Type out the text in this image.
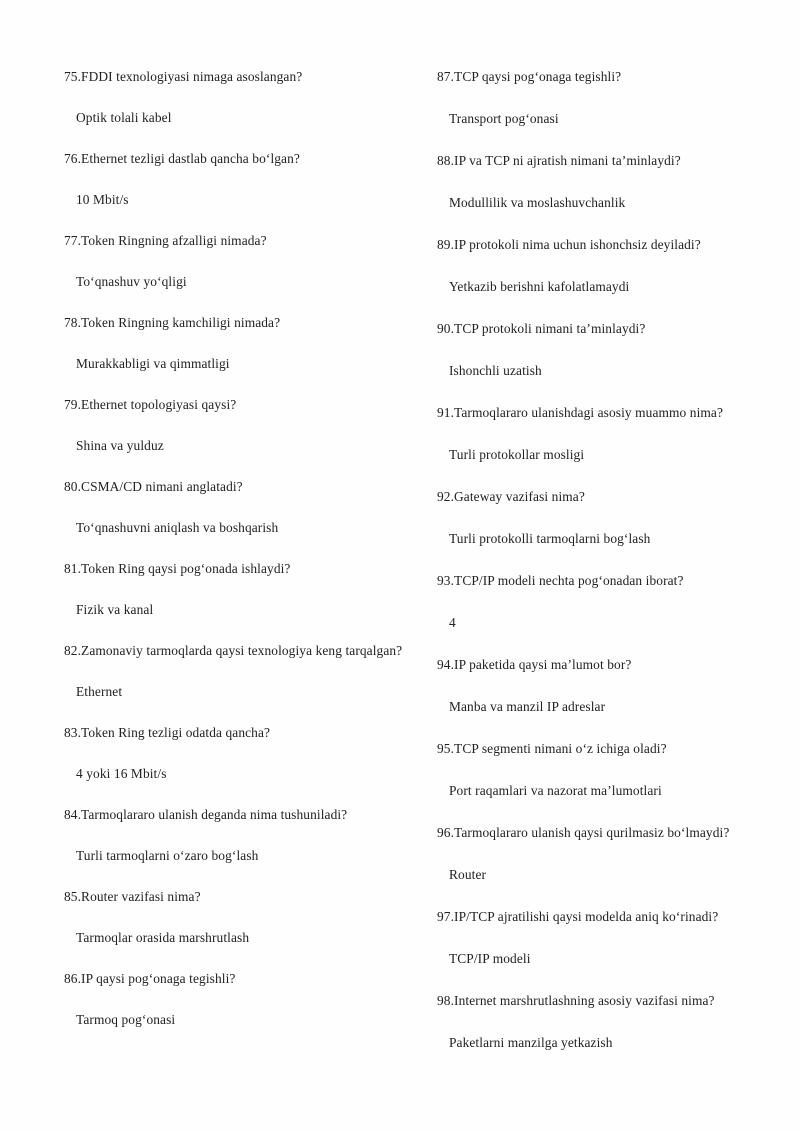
75.FDDI texnologiyasi nimaga asoslangan?

Optik tolali kabel

76.Ethernet tezligi dastlab qancha bo‘lgan?

10 Mbit/s

77.Token Ringning afzalligi nimada?

To‘qnashuv yo‘qligi

78.Token Ringning kamchiligi nimada?

Murakkabligi va qimmatligi

79.Ethernet topologiyasi qaysi?

Shina va yulduz

80.CSMA/CD nimani anglatadi?

To‘qnashuvni aniqlash va boshqarish

81.Token Ring qaysi pog‘onada ishlaydi?

Fizik va kanal

82.Zamonaviy tarmoqlarda qaysi texnologiya keng tarqalgan?

Ethernet

83.Token Ring tezligi odatda qancha?

4 yoki 16 Mbit/s

84.Tarmoqlararo ulanish deganda nima tushuniladi?

Turli tarmoqlarni o‘zaro bog‘lash

85.Router vazifasi nima?

Tarmoqlar orasida marshrutlash

86.IP qaysi pog‘onaga tegishli?

Tarmoq pog‘onasi

87.TCP qaysi pog‘onaga tegishli?

Transport pog‘onasi

88.IP va TCP ni ajratish nimani ta’minlaydi?

Modullilik va moslashuvchanlik

89.IP protokoli nima uchun ishonchsiz deyiladi?

Yetkazib berishni kafolatlamaydi

90.TCP protokoli nimani ta’minlaydi?

Ishonchli uzatish

91.Tarmoqlararo ulanishdagi asosiy muammo nima?

Turli protokollar mosligi

92.Gateway vazifasi nima?

Turli protokolli tarmoqlarni bog‘lash

93.TCP/IP modeli nechta pog‘onadan iborat?

4

94.IP paketida qaysi ma’lumot bor?

Manba va manzil IP adreslar

95.TCP segmenti nimani o‘z ichiga oladi?

Port raqamlari va nazorat ma’lumotlari

96.Tarmoqlararo ulanish qaysi qurilmasiz bo‘lmaydi?

Router

97.IP/TCP ajratilishi qaysi modelda aniq ko‘rinadi?

TCP/IP modeli

98.Internet marshrutlashning asosiy vazifasi nima?

Paketlarni manzilga yetkazish
